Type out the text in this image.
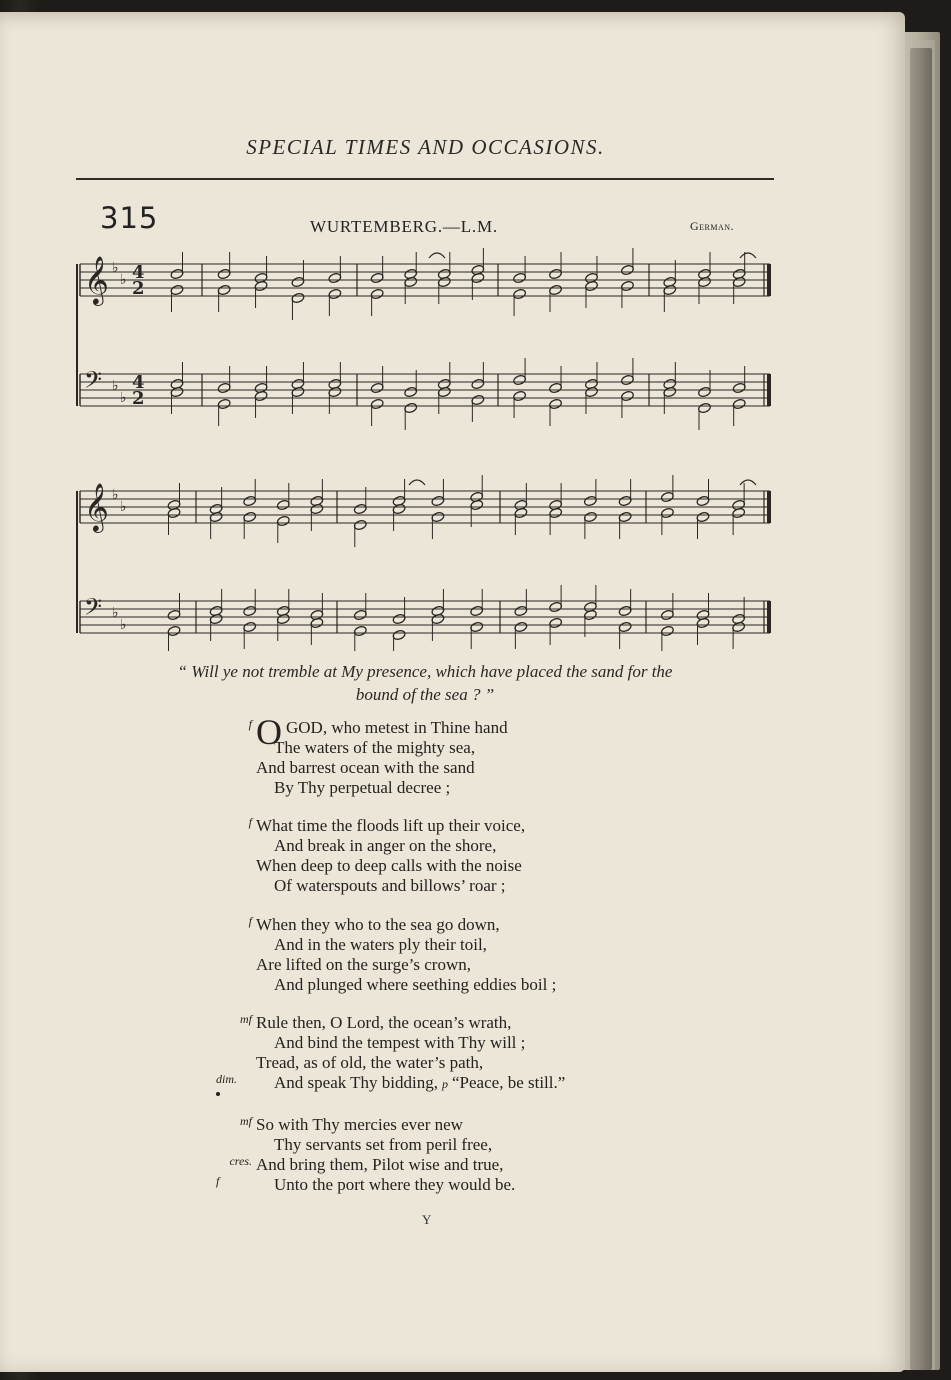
SPECIAL TIMES AND OCCASIONS.
315	WURTEMBERG.—L.M.	German.
𝄞 ♭
♭ 4
2
𝄢 ♭
♭
4
2
𝄞 ♭
♭
𝄢 ♭
♭
“ Will ye not tremble at My presence, which have placed the sand for the
bound of the sea ? ”
f O GOD, who metest in Thine hand
The waters of the mighty sea,
And barrest ocean with the sand
By Thy perpetual decree ;
f What time the floods lift up their voice,
And break in anger on the shore,
When deep to deep calls with the noise
Of waterspouts and billows’ roar ;
f When they who to the sea go down,
And in the waters ply their toil,
Are lifted on the surge’s crown,
And plunged where seething eddies boil ;
mf Rule then, O Lord, the ocean’s wrath,
And bind the tempest with Thy will ;
Tread, as of old, the water’s path,
dim. And speak Thy bidding, p “Peace, be still.”
mf So with Thy mercies ever new
Thy servants set from peril free,
cres. And bring them, Pilot wise and true,
f	Unto the port where they would be.
Y
